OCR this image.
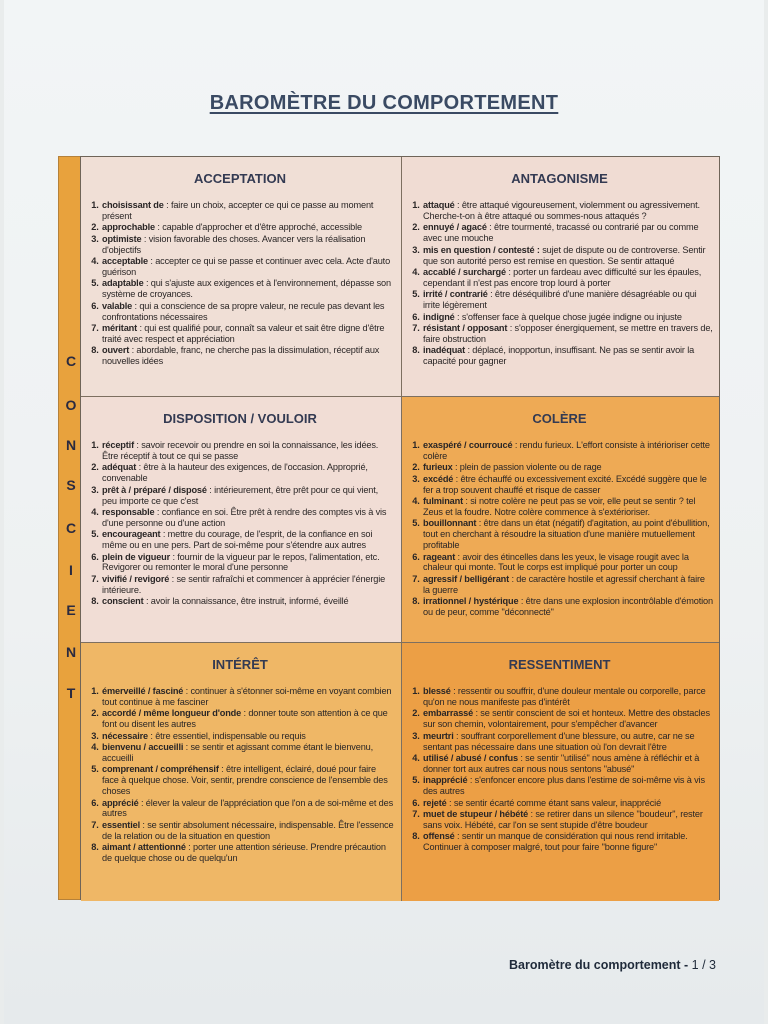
BAROMÈTRE DU COMPORTEMENT
C
O
N
S
C
I
E
N
T
ACCEPTATION
1. choisissant de : faire un choix, accepter ce qui ce passe au moment présent
2. approchable : capable d'approcher et d'être approché, accessible
3. optimiste : vision favorable des choses. Avancer vers la réalisation d'objectifs
4. acceptable : accepter ce qui se passe et continuer avec cela. Acte d'auto guérison
5. adaptable : qui s'ajuste aux exigences et à l'environnement, dépasse son système de croyances.
6. valable : qui a conscience de sa propre valeur, ne recule pas devant les confrontations nécessaires
7. méritant : qui est qualifié pour, connaît sa valeur et sait être digne d'être traité avec respect et appréciation
8. ouvert : abordable, franc, ne cherche pas la dissimulation, réceptif aux nouvelles idées
ANTAGONISME
1. attaqué : être attaqué vigoureusement, violemment ou agressivement. Cherche-t-on à être attaqué ou sommes-nous attaqués ?
2. ennuyé / agacé : être tourmenté, tracassé ou contrarié par ou comme avec une mouche
3. mis en question / contesté : sujet de dispute ou de controverse. Sentir que son autorité perso est remise en question. Se sentir attaqué
4. accablé / surchargé : porter un fardeau avec difficulté sur les épaules, cependant il n'est pas encore trop lourd à porter
5. irrité / contrarié : être déséquilibré d'une manière désagréable ou qui irrite légèrement
6. indigné : s'offenser face à quelque chose jugée indigne ou injuste
7. résistant / opposant : s'opposer énergiquement, se mettre en travers de, faire obstruction
8. inadéquat : déplacé, inopportun, insuffisant. Ne pas se sentir avoir la capacité pour gagner
DISPOSITION / VOULOIR
1. réceptif : savoir recevoir ou prendre en soi la connaissance, les idées. Être réceptif à tout ce qui se passe
2. adéquat : être à la hauteur des exigences, de l'occasion. Approprié, convenable
3. prêt à / préparé / disposé : intérieurement, être prêt pour ce qui vient, peu importe ce que c'est
4. responsable : confiance en soi. Être prêt à rendre des comptes vis à vis d'une personne ou d'une action
5. encourageant : mettre du courage, de l'esprit, de la confiance en soi même ou en une pers. Part de soi-même pour s'étendre aux autres
6. plein de vigueur : fournir de la vigueur par le repos, l'alimentation, etc. Revigorer ou remonter le moral d'une personne
7. vivifié / revigoré : se sentir rafraîchi et commencer à apprécier l'énergie intérieure.
8. conscient : avoir la connaissance, être instruit, informé, éveillé
COLÈRE
1. exaspéré / courroucé : rendu furieux. L'effort consiste à intérioriser cette colère
2. furieux : plein de passion violente ou de rage
3. excédé : être échauffé ou excessivement excité. Excédé suggère que le fer a trop souvent chauffé et risque de casser
4. fulminant : si notre colère ne peut pas se voir, elle peut se sentir ? tel Zeus et la foudre. Notre colère commence à s'extérioriser.
5. bouillonnant : être dans un état (négatif) d'agitation, au point d'ébullition, tout en cherchant à résoudre la situation d'une manière mutuellement profitable
6. rageant : avoir des étincelles dans les yeux, le visage rougit avec la chaleur qui monte. Tout le corps est impliqué pour porter un coup
7. agressif / belligérant : de caractère hostile et agressif cherchant à faire la guerre
8. irrationnel / hystérique : être dans une explosion incontrôlable d'émotion ou de peur, comme "déconnecté"
INTÉRÊT
1. émerveillé / fasciné : continuer à s'étonner soi-même en voyant combien tout continue à me fasciner
2. accordé / même longueur d'onde : donner toute son attention à ce que font ou disent les autres
3. nécessaire : être essentiel, indispensable ou requis
4. bienvenu / accueilli : se sentir et agissant comme étant le bienvenu, accueilli
5. comprenant / compréhensif : être intelligent, éclairé, doué pour faire face à quelque chose. Voir, sentir, prendre conscience de l'ensemble des choses
6. apprécié : élever la valeur de l'appréciation que l'on a de soi-même et des autres
7. essentiel : se sentir absolument nécessaire, indispensable. Être l'essence de la relation ou de la situation en question
8. aimant / attentionné : porter une attention sérieuse. Prendre précaution de quelque chose ou de quelqu'un
RESSENTIMENT
1. blessé : ressentir ou souffrir, d'une douleur mentale ou corporelle, parce qu'on ne nous manifeste pas d'intérêt
2. embarrassé : se sentir conscient de soi et honteux. Mettre des obstacles sur son chemin, volontairement, pour s'empêcher d'avancer
3. meurtri : souffrant corporellement d'une blessure, ou autre, car ne se sentant pas nécessaire dans une situation où l'on devrait l'être
4. utilisé / abusé / confus : se sentir "utilisé" nous amène à réfléchir et à donner tort aux autres car nous nous sentons "abusé"
5. inapprécié : s'enfoncer encore plus dans l'estime de soi-même vis à vis des autres
6. rejeté : se sentir écarté comme étant sans valeur, inapprécié
7. muet de stupeur / hébété : se retirer dans un silence "boudeur", rester sans voix. Hébété, car l'on se sent stupide d'être boudeur
8. offensé : sentir un manque de considération qui nous rend irritable. Continuer à composer malgré, tout pour faire "bonne figure"
Baromètre du comportement - 1 / 3
